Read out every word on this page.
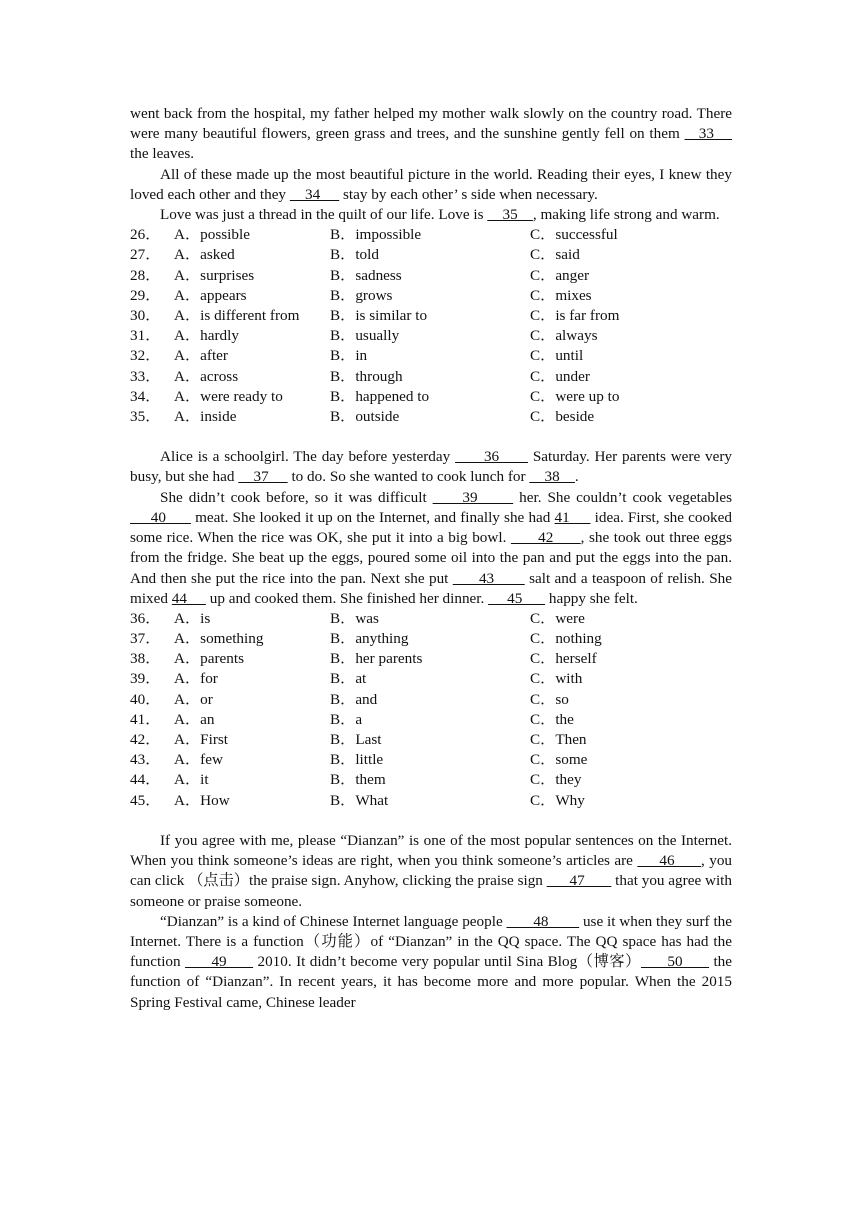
went back from the hospital, my father helped my mother walk slowly on the country road. There were many beautiful flowers, green grass and trees, and the sunshine gently fell on them    33     the leaves.

All of these made up the most beautiful picture in the world. Reading their eyes, I knew they loved each other and they     34      stay by each other’ s side when necessary.

Love was just a thread in the quilt of our life. Love is     35    , making life strong and warm.

26． A．possible	B．impossible	C．successful
27． A．asked	B．told	C．said
28． A．surprises	B．sadness	C．anger
29． A．appears	B．grows	C．mixes
30． A．is different from	B．is similar to	C．is far from
31． A．hardly	B．usually	C．always
32． A．after	B．in	C．until
33． A．across	B．through	C．under
34． A．were ready to	B．happened to	C．were up to
35． A．inside	B．outside	C．beside

Alice is a schoolgirl. The day before yesterday       36       Saturday. Her parents were very busy, but she had     37      to do. So she wanted to cook lunch for     38    .

She didn’t cook before, so it was difficult      39       her. She couldn’t cook vegetables      40       meat. She looked it up on the Internet, and finally she had 41      idea. First, she cooked some rice. When the rice was OK, she put it into a big bowl.       42      , she took out three eggs from the fridge. She beat up the eggs, poured some oil into the pan and put the eggs into the pan. And then she put the rice into the pan. Next she put       43        salt and a teaspoon of relish. She mixed 44      up and cooked them. She finished her dinner.      45       happy she felt.

36． A．is	B．was	C．were
37． A．something	B．anything	C．nothing
38． A．parents	B．her parents	C．herself
39． A．for	B．at	C．with
40． A．or	B．and	C．so
41． A．an	B．a	C．the
42． A．First	B．Last	C．Then
43． A．few	B．little	C．some
44． A．it	B．them	C．they
45． A．How	B．What	C．Why

If you agree with me, please “Dianzan” is one of the most popular sentences on the Internet. When you think someone’s ideas are right, when you think someone’s articles are      46      , you can click （点击）the praise sign. Anyhow, clicking the praise sign       47        that you agree with someone or praise someone.

“Dianzan” is a kind of Chinese Internet language people        48         use it when they surf the Internet. There is a function（功能）of “Dianzan” in the QQ space. The QQ space has had the function       49       2010. It didn’t become very popular until Sina Blog（博客）      50       the function of “Dianzan”. In recent years, it has become more and more popular. When the 2015 Spring Festival came, Chinese leader
